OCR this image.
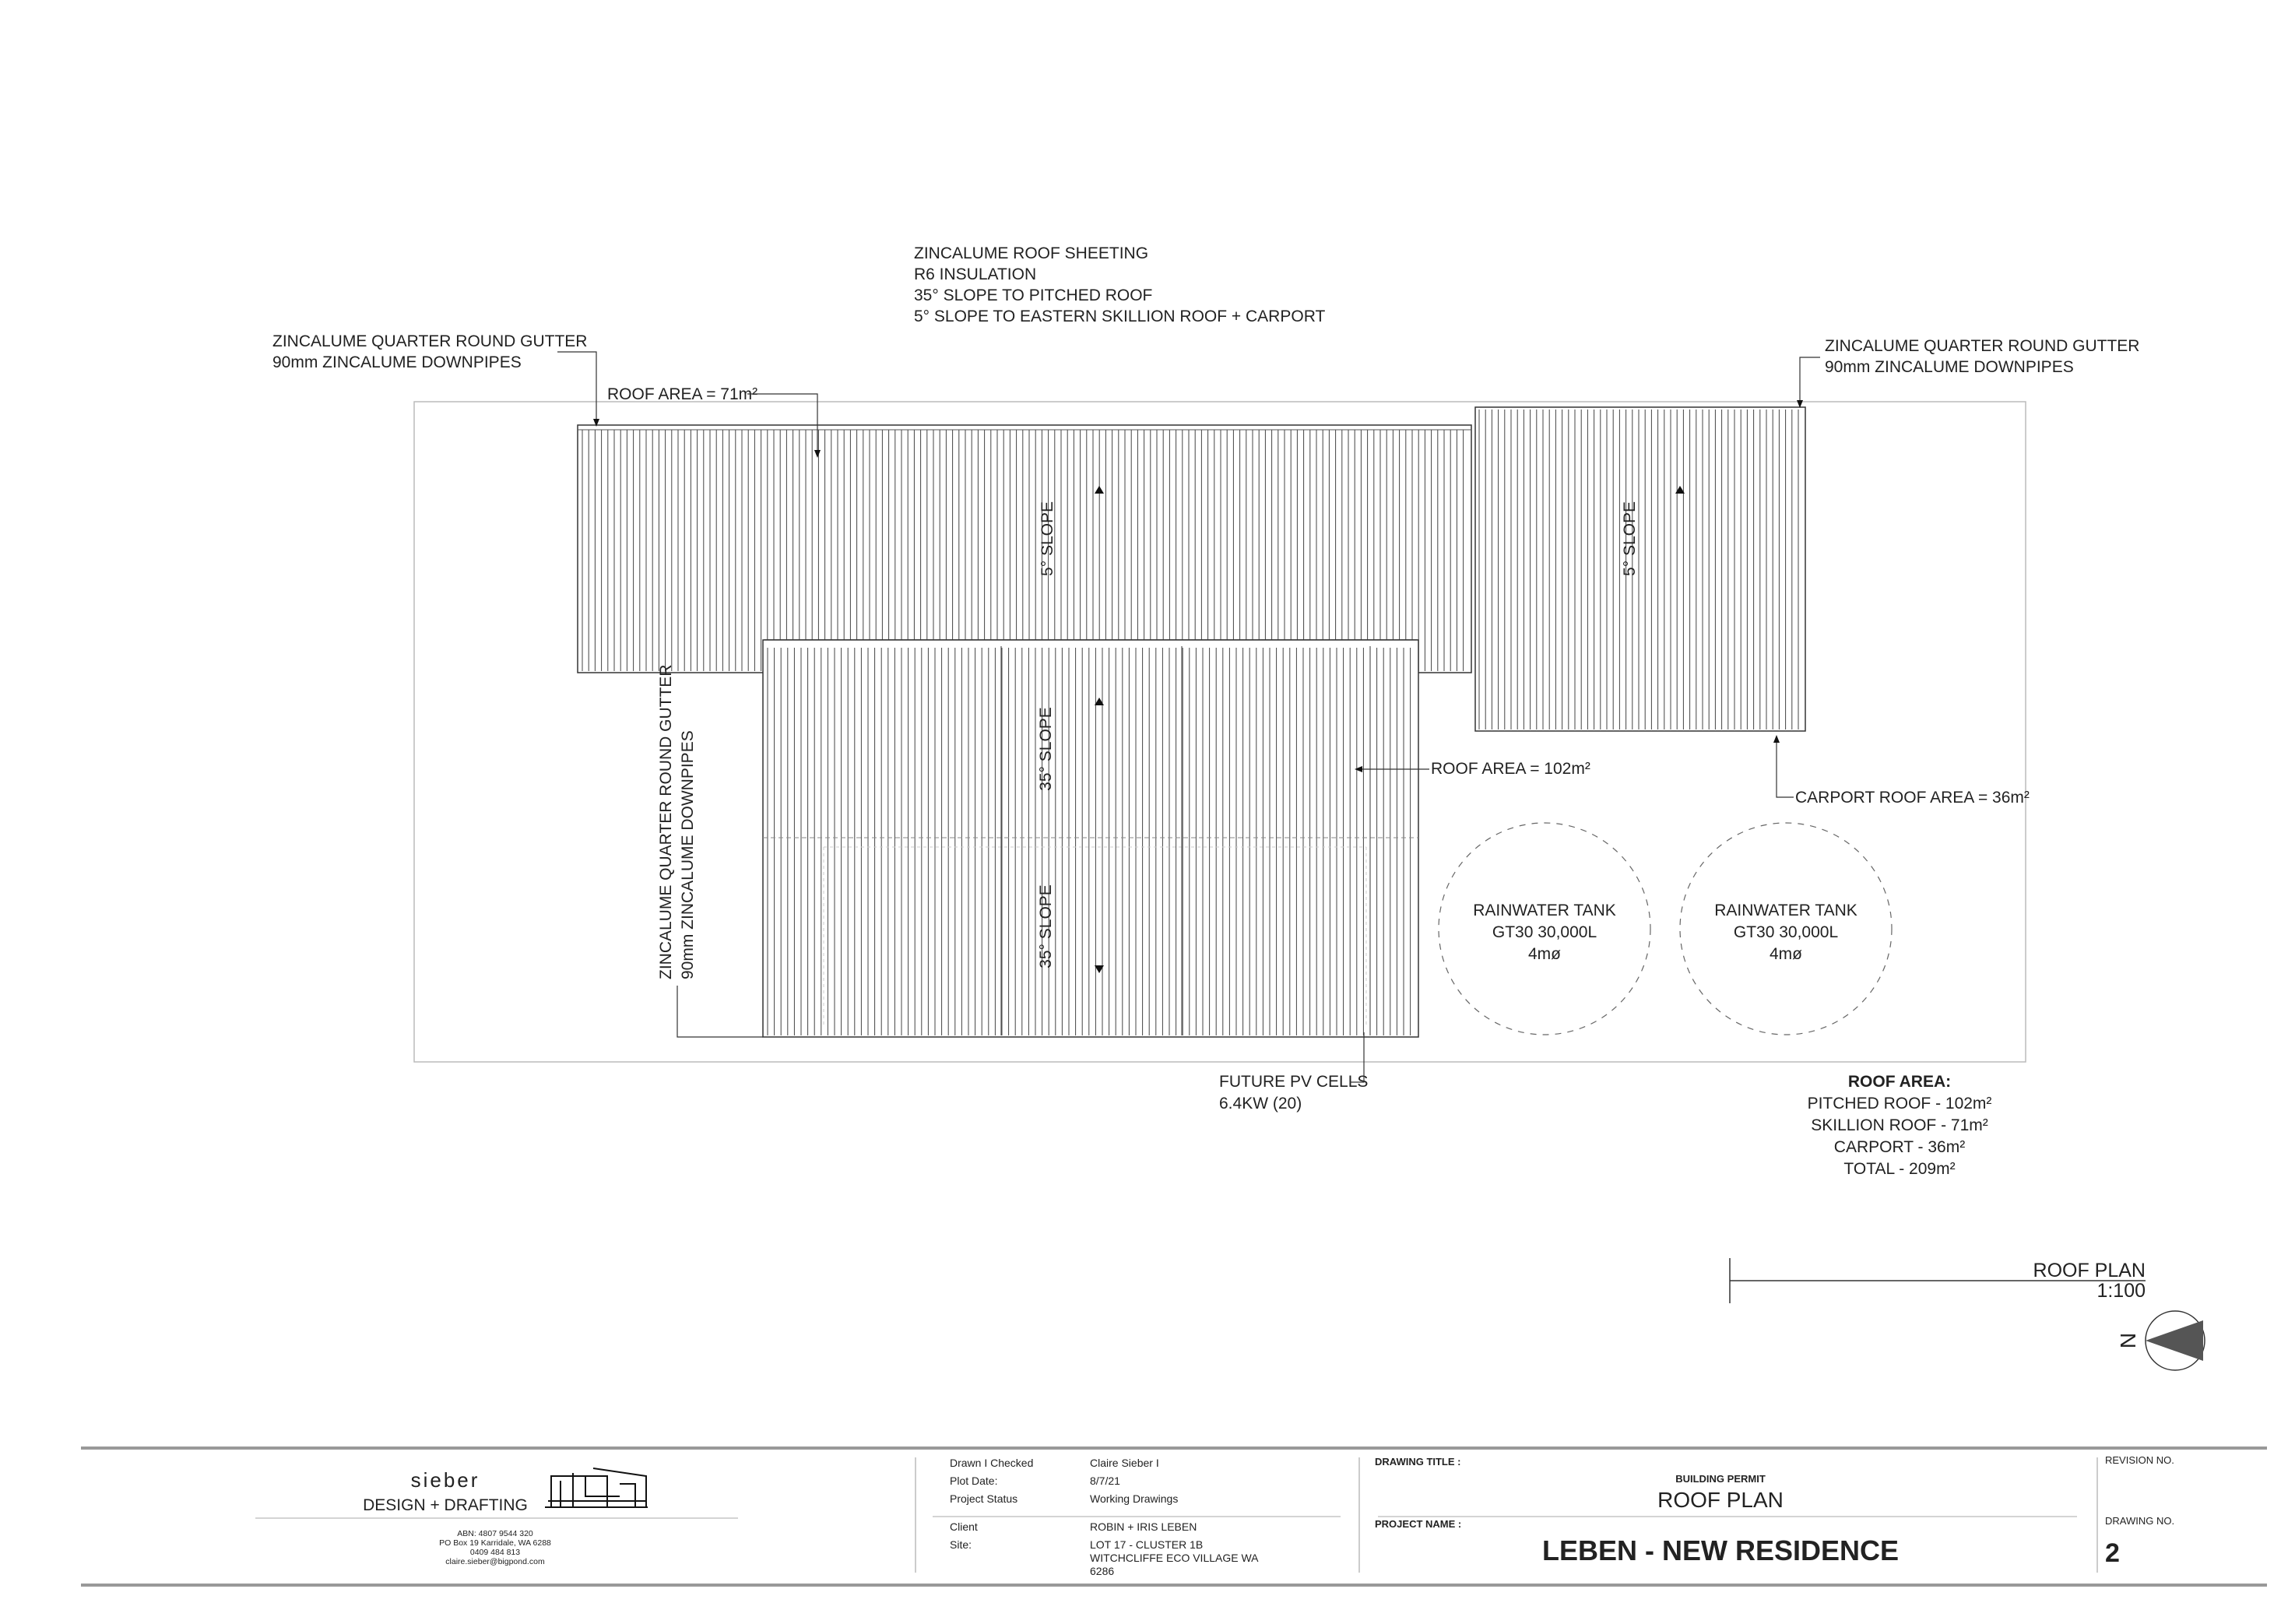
5° SLOPE	5° SLOPE
35° SLOPE
35° SLOPE
ZINCALUME ROOF SHEETING
R6 INSULATION
35° SLOPE TO PITCHED ROOF
5° SLOPE TO EASTERN SKILLION ROOF + CARPORT
ZINCALUME QUARTER ROUND GUTTER
90mm ZINCALUME DOWNPIPES
ROOF AREA = 71m²
ZINCALUME QUARTER ROUND GUTTER
90mm ZINCALUME DOWNPIPES
ZINCALUME QUARTER ROUND GUTTER 90mm ZINCALUME DOWNPIPES	ROOF AREA = 102m²
CARPORT ROOF AREA = 36m²
FUTURE PV CELLS
6.4KW (20)
RAINWATER TANK
GT30 30,000L
4mø
RAINWATER TANK
GT30 30,000L
4mø
ROOF AREA:
PITCHED ROOF - 102m²
SKILLION ROOF - 71m²
CARPORT - 36m²
TOTAL - 209m²
ROOF PLAN
1:100
N
sieber
DESIGN + DRAFTING
ABN: 4807 9544 320
PO Box 19 Karridale, WA 6288
0409 484 813
claire.sieber@bigpond.com
Drawn I Checked	Claire Sieber I
Plot Date:	8/7/21
Project Status	Working Drawings
Client	ROBIN + IRIS LEBEN
Site:	LOT 17 - CLUSTER 1B
WITCHCLIFFE ECO VILLAGE WA
6286
DRAWING TITLE :
BUILDING PERMIT
ROOF PLAN
PROJECT NAME :
LEBEN - NEW RESIDENCE
REVISION NO.
DRAWING NO.
2
